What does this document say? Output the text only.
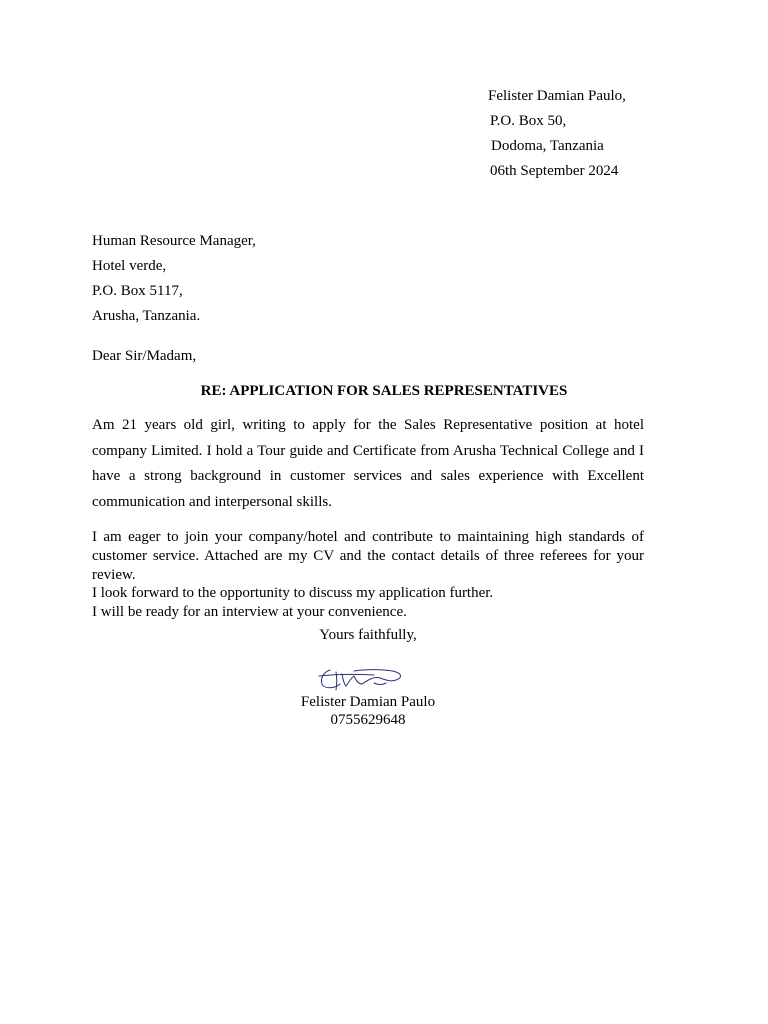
Felister Damian Paulo,
P.O. Box 50,
Dodoma, Tanzania
06th September 2024
Human Resource Manager,
Hotel verde,
P.O. Box 5117,
Arusha, Tanzania.
Dear Sir/Madam,
RE: APPLICATION FOR SALES REPRESENTATIVES
Am 21 years old girl, writing to apply for the Sales Representative position at hotel company Limited. I hold a Tour guide and Certificate from Arusha Technical College and I have a strong background in customer services and sales experience with Excellent communication and interpersonal skills.
I am eager to join your company/hotel and contribute to maintaining high standards of customer service. Attached are my CV and the contact details of three referees for your review.
I look forward to the opportunity to discuss my application further.
I will be ready for an interview at your convenience.
Yours faithfully,
Felister Damian Paulo
0755629648
